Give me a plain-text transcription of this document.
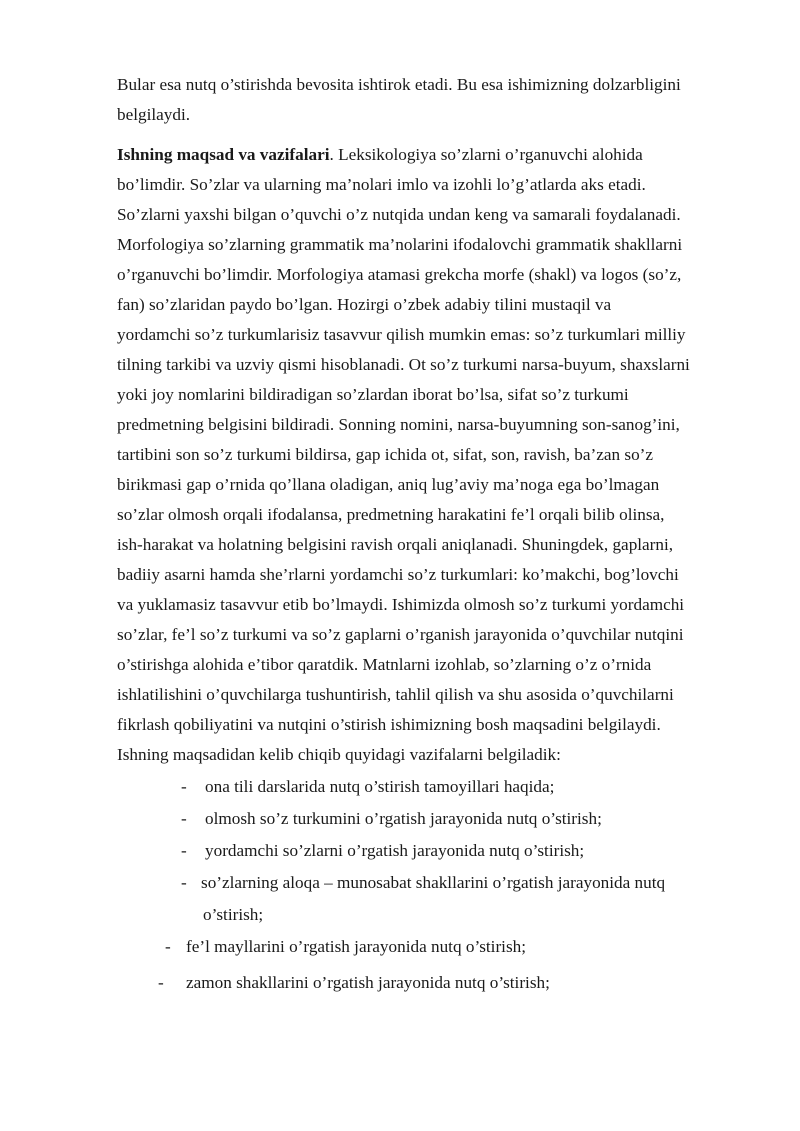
Bular esa nutq o’stirishda bevosita ishtirok etadi. Bu esa ishimizning dolzarbligini
belgilaydi.
Ishning maqsad va vazifalari. Leksikologiya so’zlarni o’rganuvchi alohida
bo’limdir. So’zlar va ularning ma’nolari imlo va izohli lo’g’atlarda aks etadi.
So’zlarni yaxshi bilgan o’quvchi o’z nutqida undan keng va samarali foydalanadi.
Morfologiya so’zlarning grammatik ma’nolarini ifodalovchi grammatik shakllarni
o’rganuvchi bo’limdir. Morfologiya atamasi grekcha morfe (shakl) va logos (so’z,
fan) so’zlaridan paydo bo’lgan. Hozirgi o’zbek adabiy tilini mustaqil va
yordamchi so’z turkumlarisiz tasavvur qilish mumkin emas: so’z turkumlari milliy
tilning tarkibi va uzviy qismi hisoblanadi. Ot so’z turkumi narsa-buyum, shaxslarni
yoki joy nomlarini bildiradigan so’zlardan iborat bo’lsa, sifat so’z turkumi
predmetning belgisini bildiradi. Sonning nomini, narsa-buyumning son-sanog’ini,
tartibini son so’z turkumi bildirsa, gap ichida ot, sifat, son, ravish, ba’zan so’z
birikmasi gap o’rnida qo’llana oladigan, aniq lug’aviy ma’noga ega bo’lmagan
so’zlar olmosh orqali ifodalansa, predmetning harakatini fe’l orqali bilib olinsa,
ish-harakat va holatning belgisini ravish orqali aniqlanadi. Shuningdek, gaplarni,
badiiy asarni hamda she’rlarni yordamchi so’z turkumlari: ko’makchi, bog’lovchi
va yuklamasiz tasavvur etib bo’lmaydi. Ishimizda olmosh so’z turkumi yordamchi
so’zlar, fe’l so’z turkumi va so’z gaplarni o’rganish jarayonida o’quvchilar nutqini
o’stirishga alohida e’tibor qaratdik. Matnlarni izohlab, so’zlarning o’z o’rnida
ishlatilishini o’quvchilarga tushuntirish, tahlil qilish va shu asosida o’quvchilarni
fikrlash qobiliyatini va nutqini o’stirish ishimizning bosh maqsadini belgilaydi.
Ishning maqsadidan kelib chiqib quyidagi vazifalarni belgiladik:
- ona tili darslarida nutq o’stirish tamoyillari haqida;
- olmosh so’z turkumini o’rgatish jarayonida nutq o’stirish;
- yordamchi so’zlarni o’rgatish jarayonida nutq o’stirish;
- so’zlarning aloqa – munosabat shakllarini o’rgatish jarayonida nutq
o’stirish;
- fe’l mayllarini o’rgatish jarayonida nutq o’stirish;
- zamon shakllarini o’rgatish jarayonida nutq o’stirish;
